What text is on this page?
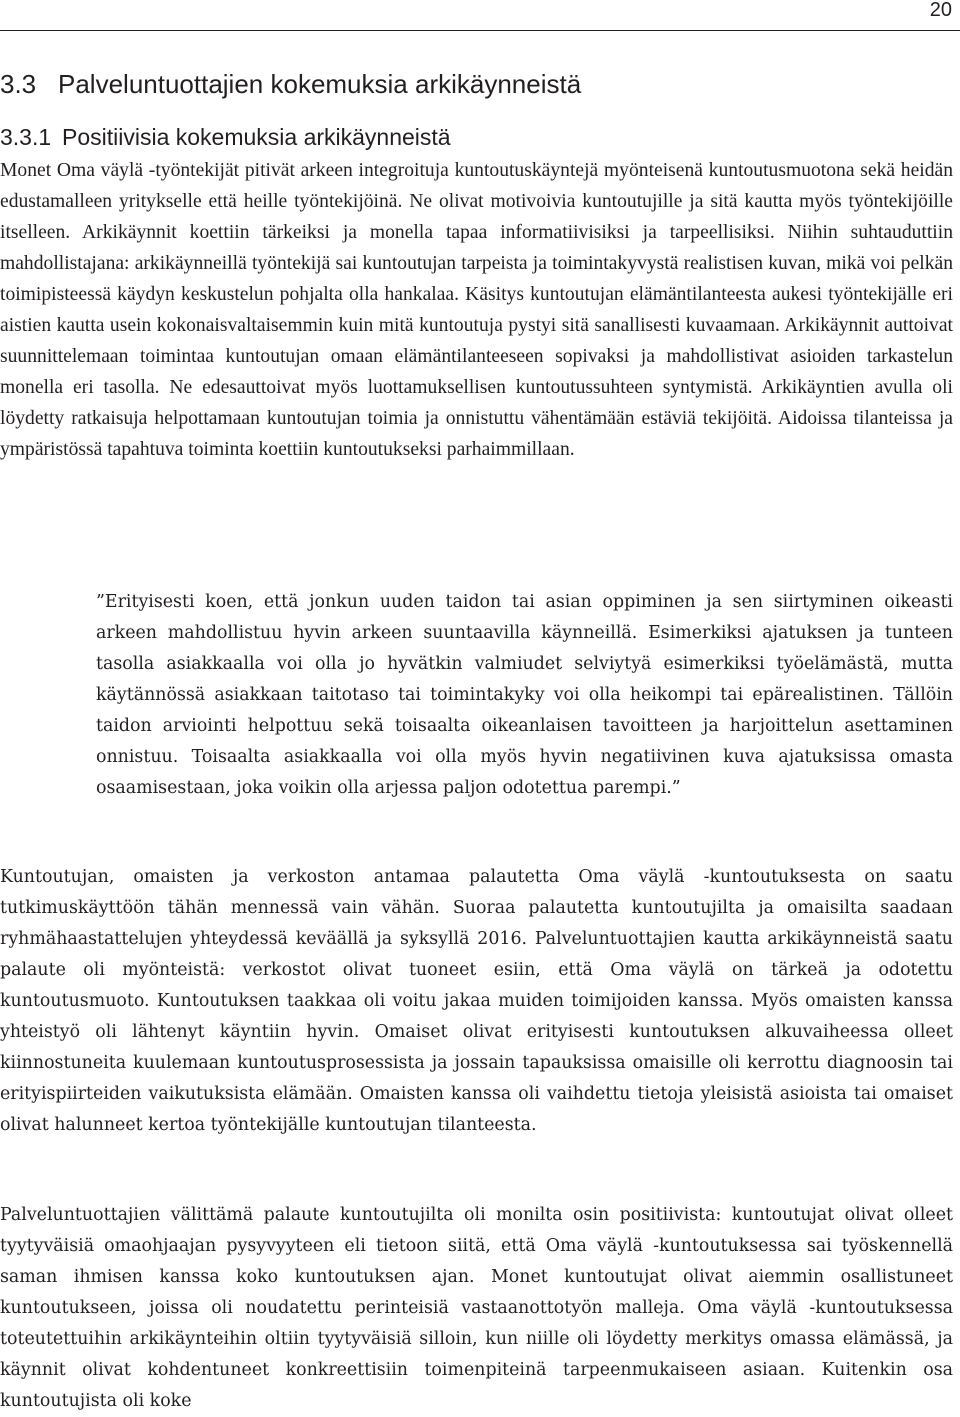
20
3.3 Palveluntuottajien kokemuksia arkikäynneistä
3.3.1 Positiivisia kokemuksia arkikäynneistä
Monet Oma väylä -työntekijät pitivät arkeen integroituja kuntoutuskäyntejä myönteisenä kuntoutusmuotona sekä heidän edustamalleen yritykselle että heille työntekijöinä. Ne olivat motivoivia kuntoutujille ja sitä kautta myös työntekijöille itselleen. Arkikäynnit koettiin tärkeiksi ja monella tapaa informatiivisiksi ja tarpeellisiksi. Niihin suhtauduttiin mahdollistajana: arkikäynneillä työntekijä sai kuntoutujan tarpeista ja toimintakyvystä realistisen kuvan, mikä voi pelkän toimipisteessä käydyn keskustelun pohjalta olla hankalaa. Käsitys kuntoutujan elämäntilanteesta aukesi työntekijälle eri aistien kautta usein kokonaisvaltaisemmin kuin mitä kuntoutuja pystyi sitä sanallisesti kuvaamaan. Arkikäynnit auttoivat suunnittelemaan toimintaa kuntoutujan omaan elämäntilanteeseen sopivaksi ja mahdollistivat asioiden tarkastelun monella eri tasolla. Ne edesauttoivat myös luottamuksellisen kuntoutussuhteen syntymistä. Arkikäyntien avulla oli löydetty ratkaisuja helpottamaan kuntoutujan toimia ja onnistuttu vähentämään estäviä tekijöitä. Aidoissa tilanteissa ja ympäristössä tapahtuva toiminta koettiin kuntoutukseksi parhaimmillaan.
”Erityisesti koen, että jonkun uuden taidon tai asian oppiminen ja sen siirtyminen oikeasti arkeen mahdollistuu hyvin arkeen suuntaavilla käynneillä. Esimerkiksi ajatuksen ja tunteen tasolla asiakkaalla voi olla jo hyvätkin valmiudet selviytyä esimerkiksi työelämästä, mutta käytännössä asiakkaan taitotaso tai toimintakyky voi olla heikompi tai epärealistinen. Tällöin taidon arviointi helpottuu sekä toisaalta oikeanlaisen tavoitteen ja harjoittelun asettaminen onnistuu. Toisaalta asiakkaalla voi olla myös hyvin negatiivinen kuva ajatuksissa omasta osaamisestaan, joka voikin olla arjessa paljon odotettua parempi.”
Kuntoutujan, omaisten ja verkoston antamaa palautetta Oma väylä -kuntoutuksesta on saatu tutkimuskäyttöön tähän mennessä vain vähän. Suoraa palautetta kuntoutujilta ja omaisilta saadaan ryhmähaastattelujen yhteydessä keväällä ja syksyllä 2016. Palveluntuottajien kautta arkikäynneistä saatu palaute oli myönteistä: verkostot olivat tuoneet esiin, että Oma väylä on tärkeä ja odotettu kuntoutusmuoto. Kuntoutuksen taakkaa oli voitu jakaa muiden toimijoiden kanssa. Myös omaisten kanssa yhteistyö oli lähtenyt käyntiin hyvin. Omaiset olivat erityisesti kuntoutuksen alkuvaiheessa olleet kiinnostuneita kuulemaan kuntoutusprosessista ja jossain tapauksissa omaisille oli kerrottu diagnoosin tai erityispiirteiden vaikutuksista elämään. Omaisten kanssa oli vaihdettu tietoja yleisistä asioista tai omaiset olivat halunneet kertoa työntekijälle kuntoutujan tilanteesta.
Palveluntuottajien välittämä palaute kuntoutujilta oli monilta osin positiivista: kuntoutujat olivat olleet tyytyväisiä omaohjaajan pysyvyyteen eli tietoon siitä, että Oma väylä -kuntoutuksessa sai työskennellä saman ihmisen kanssa koko kuntoutuksen ajan. Monet kuntoutujat olivat aiemmin osallistuneet kuntoutukseen, joissa oli noudatettu perinteisiä vastaanottotyön malleja. Oma väylä -kuntoutuksessa toteutettuihin arkikäynteihin oltiin tyytyväisiä silloin, kun niille oli löydetty merkitys omassa elämässä, ja käynnit olivat kohdentuneet konkreettisiin toimenpiteinä tarpeenmukaiseen asiaan. Kuitenkin osa kuntoutujista oli koke
